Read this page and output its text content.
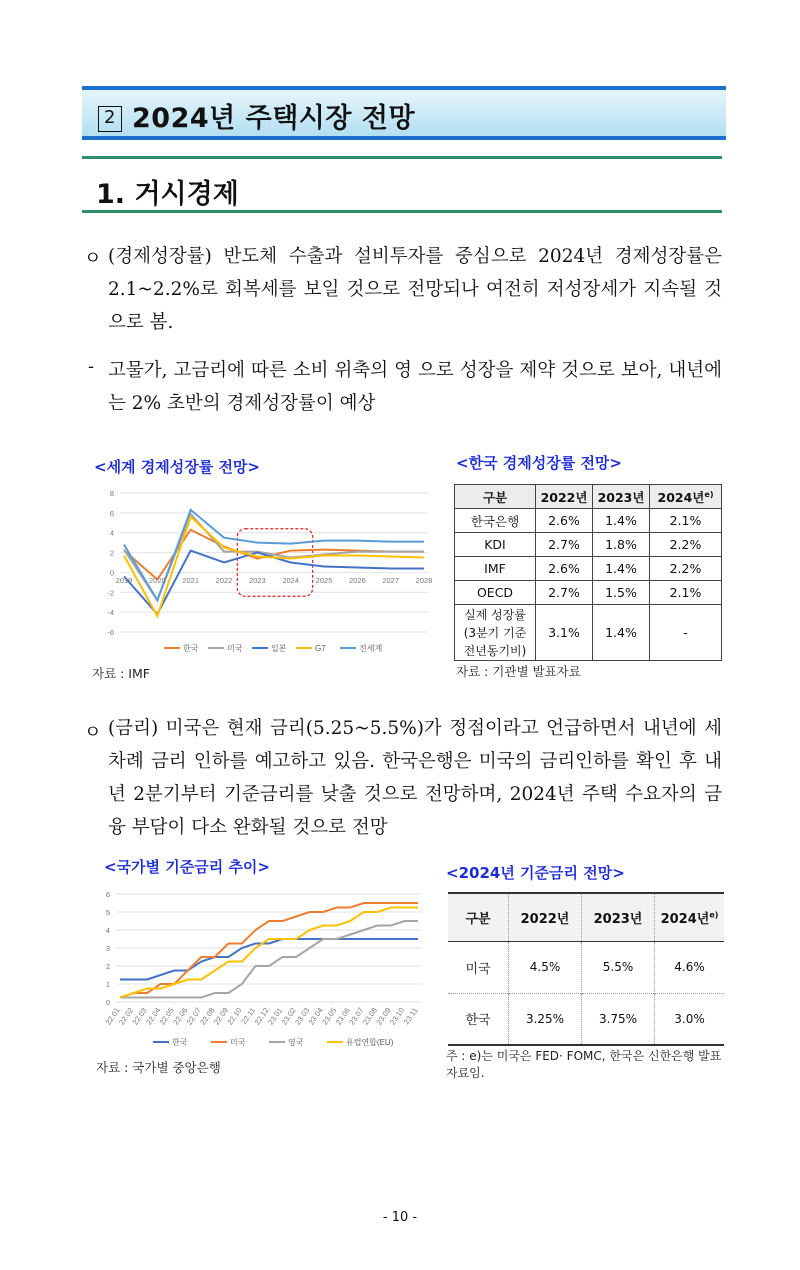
2 2024년 주택시장 전망
1. 거시경제
ㅇ (경제성장률) 반도체 수출과 설비투자를 중심으로 2024년 경제성장률은 2.1~2.2%로 회복세를 보일 것으로 전망되나 여전히 저성장세가 지속될 것으로 봄.
- 고물가, 고금리에 따른 소비 위축의 영 으로 성장을 제약 것으로 보아, 내년에는 2% 초반의 경제성장률이 예상
<세계 경제성장률 전망>
8
6
4
2
0
-2
-4
-6
2019 2020 2021 2022 2023 2024 2025 2026 2027 2028
한국	미국	일본	G7	전세계
자료 : IMF
<한국 경제성장률 전망>
구분	2022년	2023년	2024년$^{e)}$
한국은행	2.6%	1.4%	2.1%
KDI	2.7%	1.8%	2.2%
IMF	2.6%	1.4%	2.2%
OECD	2.7%	1.5%	2.1%

실제 성장률
(3분기 기준
전년동기비)	3.1%	1.4%	-
자료 : 기관별 발표자료
ㅇ (금리) 미국은 현재 금리(5.25~5.5%)가 정점이라고 언급하면서 내년에 세 차례 금리 인하를 예고하고 있음. 한국은행은 미국의 금리인하를 확인 후 내년 2분기부터 기준금리를 낮출 것으로 전망하며, 2024년 주택 수요자의 금융 부담이 다소 완화될 것으로 전망
<국가별 기준금리 추이>
6
5
4
3
2
1
0
22.01
22.02
22.03
22.04
22.05
22.06
22.07
22.08
22.09
22.10
22.11
22.12
23.01
23.02
23.03
23.04
23.05
23.06
23.07
23.08
23.09
23.10
23.11
한국	미국	영국	유럽연합(EU)
자료 : 국가별 중앙은행
<2024년 기준금리 전망>
구분	2022년	2023년	2024년$^{e)}$
미국	4.5%	5.5%	4.6%
한국	3.25%	3.75%	3.0%
주 : e)는 미국은 FED· FOMC, 한국은 신한은행 발표자료임.
- 10 -
